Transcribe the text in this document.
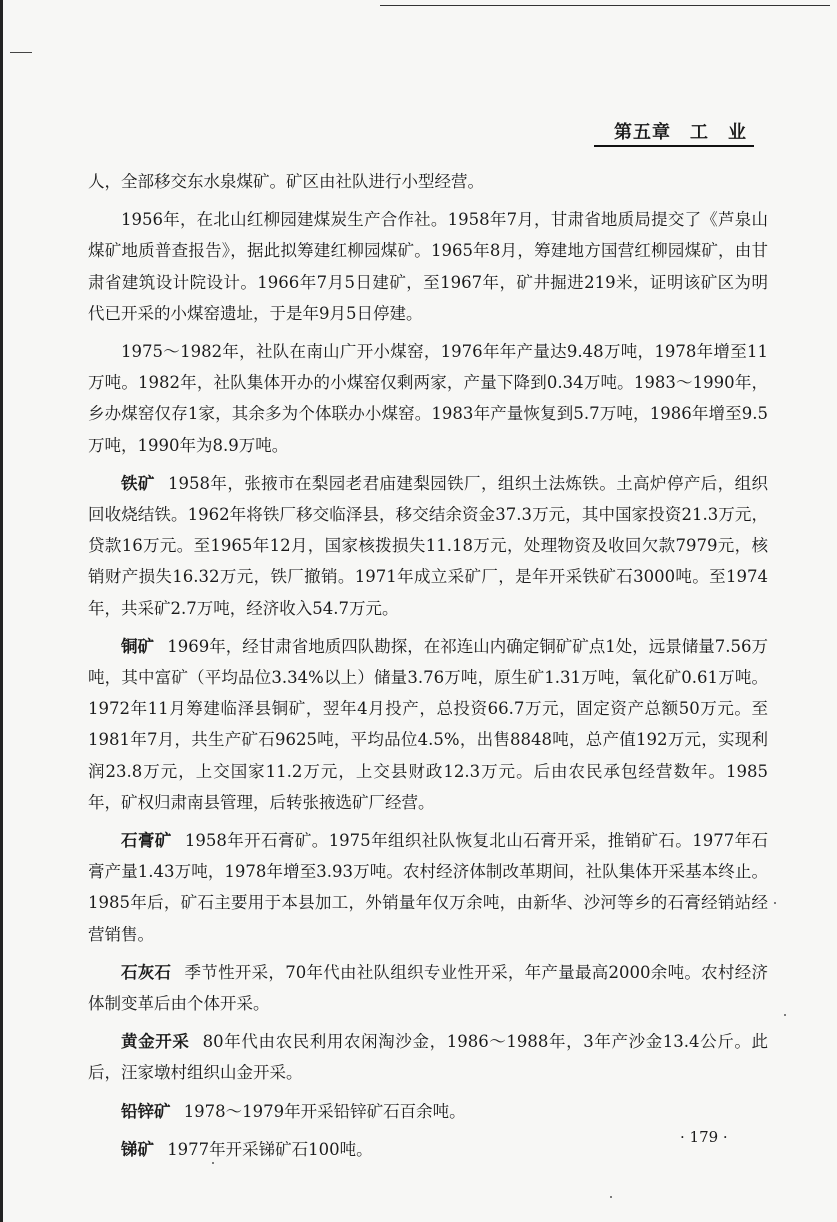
第五章　工　业

人，全部移交东水泉煤矿。矿区由社队进行小型经营。

1956年，在北山红柳园建煤炭生产合作社。1958年7月，甘肃省地质局提交了《芦泉山煤矿地质普查报告》，据此拟筹建红柳园煤矿。1965年8月，筹建地方国营红柳园煤矿，由甘肃省建筑设计院设计。1966年7月5日建矿，至1967年，矿井掘进219米，证明该矿区为明代已开采的小煤窑遗址，于是年9月5日停建。

1975～1982年，社队在南山广开小煤窑，1976年年产量达9.48万吨，1978年增至11万吨。1982年，社队集体开办的小煤窑仅剩两家，产量下降到0.34万吨。1983～1990年，乡办煤窑仅存1家，其余多为个体联办小煤窑。1983年产量恢复到5.7万吨，1986年增至9.5万吨，1990年为8.9万吨。

铁矿 1958年，张掖市在梨园老君庙建梨园铁厂，组织土法炼铁。土高炉停产后，组织回收烧结铁。1962年将铁厂移交临泽县，移交结余资金37.3万元，其中国家投资21.3万元，贷款16万元。至1965年12月，国家核拨损失11.18万元，处理物资及收回欠款7979元，核销财产损失16.32万元，铁厂撤销。1971年成立采矿厂，是年开采铁矿石3000吨。至1974年，共采矿2.7万吨，经济收入54.7万元。

铜矿 1969年，经甘肃省地质四队勘探，在祁连山内确定铜矿矿点1处，远景储量7.56万吨，其中富矿（平均品位3.34%以上）储量3.76万吨，原生矿1.31万吨，氧化矿0.61万吨。1972年11月筹建临泽县铜矿，翌年4月投产，总投资66.7万元，固定资产总额50万元。至1981年7月，共生产矿石9625吨，平均品位4.5%，出售8848吨，总产值192万元，实现利润23.8万元，上交国家11.2万元，上交县财政12.3万元。后由农民承包经营数年。1985年，矿权归肃南县管理，后转张掖选矿厂经营。

石膏矿 1958年开石膏矿。1975年组织社队恢复北山石膏开采，推销矿石。1977年石膏产量1.43万吨，1978年增至3.93万吨。农村经济体制改革期间，社队集体开采基本终止。1985年后，矿石主要用于本县加工，外销量年仅万余吨，由新华、沙河等乡的石膏经销站经营销售。

石灰石 季节性开采，70年代由社队组织专业性开采，年产量最高2000余吨。农村经济体制变革后由个体开采。

黄金开采 80年代由农民利用农闲淘沙金，1986～1988年，3年产沙金13.4公斤。此后，汪家墩村组织山金开采。

铅锌矿 1978～1979年开采铅锌矿石百余吨。

锑矿 1977年开采锑矿石100吨。

· 179 ·
